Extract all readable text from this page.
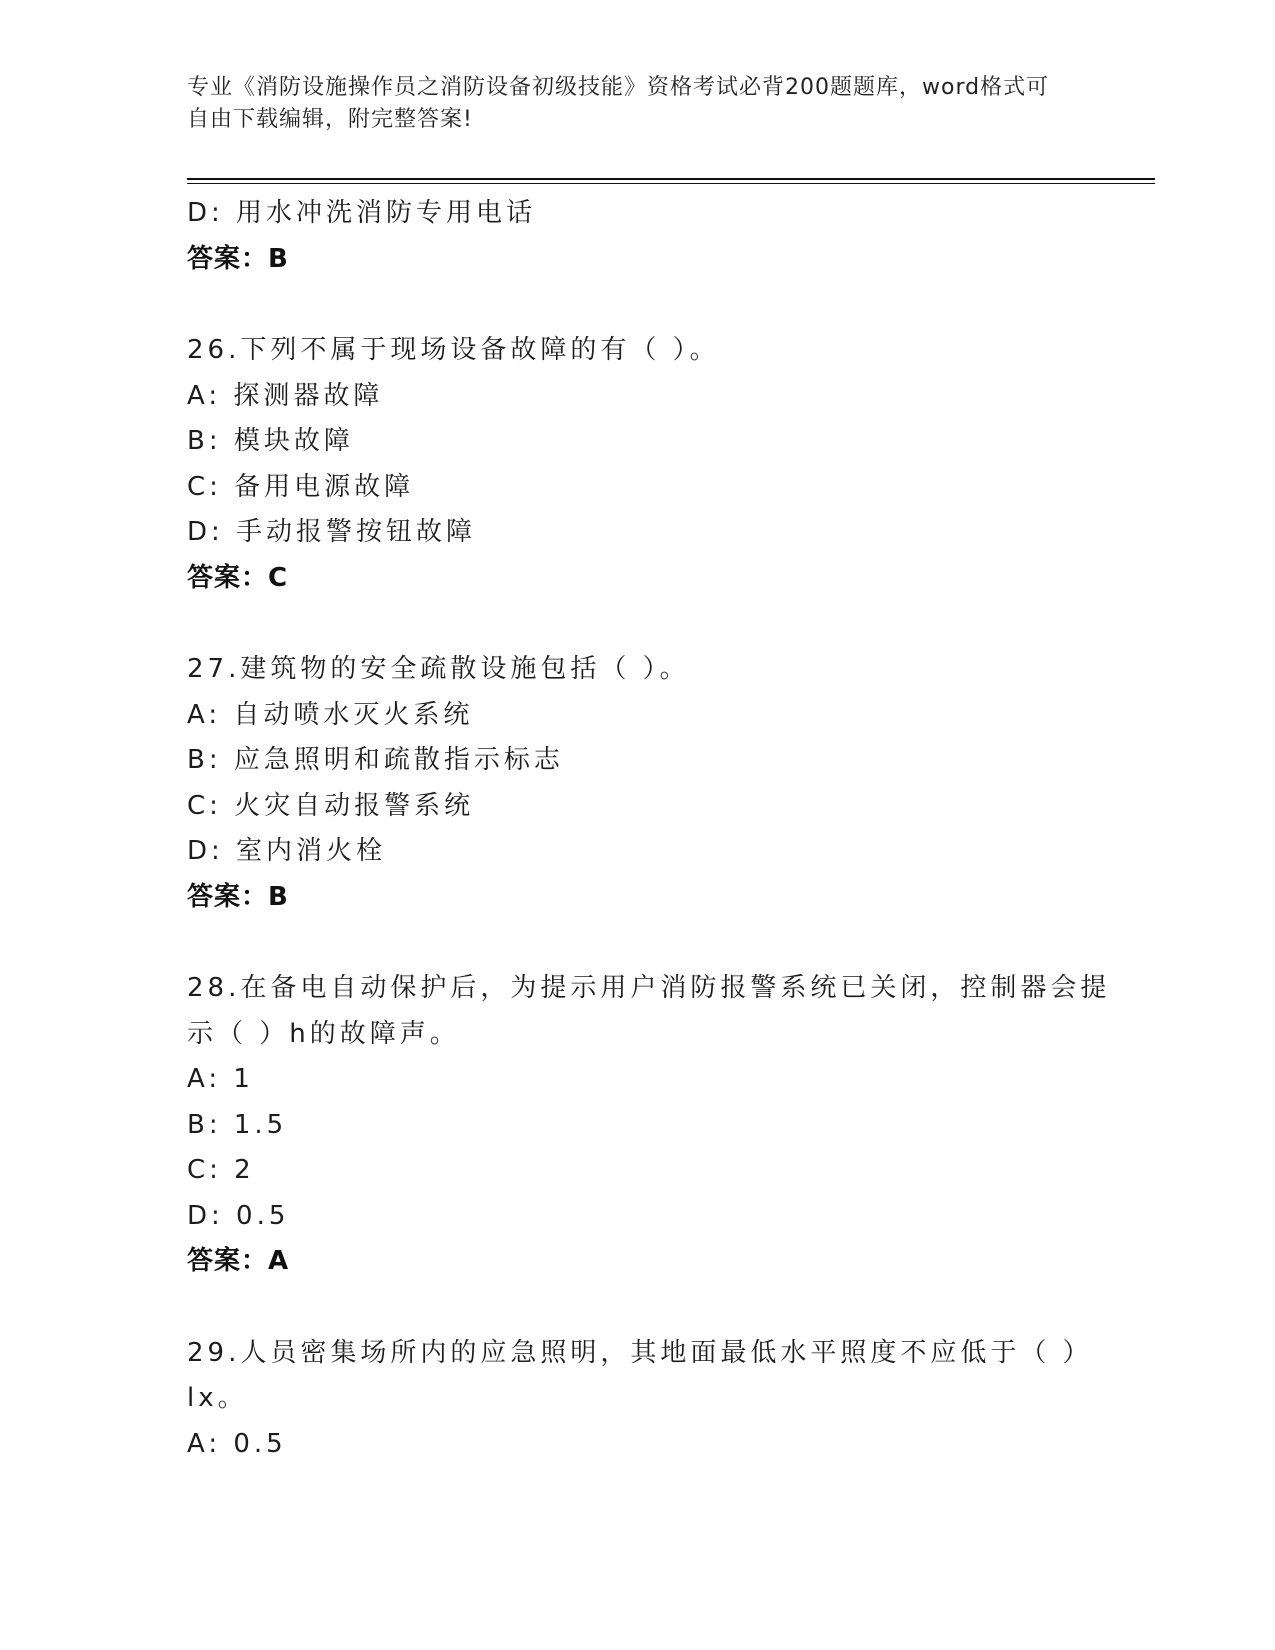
专业《消防设施操作员之消防设备初级技能》资格考试必背200题题库，word格式可自由下载编辑，附完整答案!
D: 用水冲洗消防专用电话
答案：B
26.下列不属于现场设备故障的有（ ）。
A: 探测器故障
B: 模块故障
C: 备用电源故障
D: 手动报警按钮故障
答案：C
27.建筑物的安全疏散设施包括（ ）。
A: 自动喷水灭火系统
B: 应急照明和疏散指示标志
C: 火灾自动报警系统
D: 室内消火栓
答案：B
28.在备电自动保护后，为提示用户消防报警系统已关闭，控制器会提
示（ ）h的故障声。
A: 1
B: 1.5
C: 2
D: 0.5
答案：A
29.人员密集场所内的应急照明，其地面最低水平照度不应低于（ ）
lx。
A: 0.5
